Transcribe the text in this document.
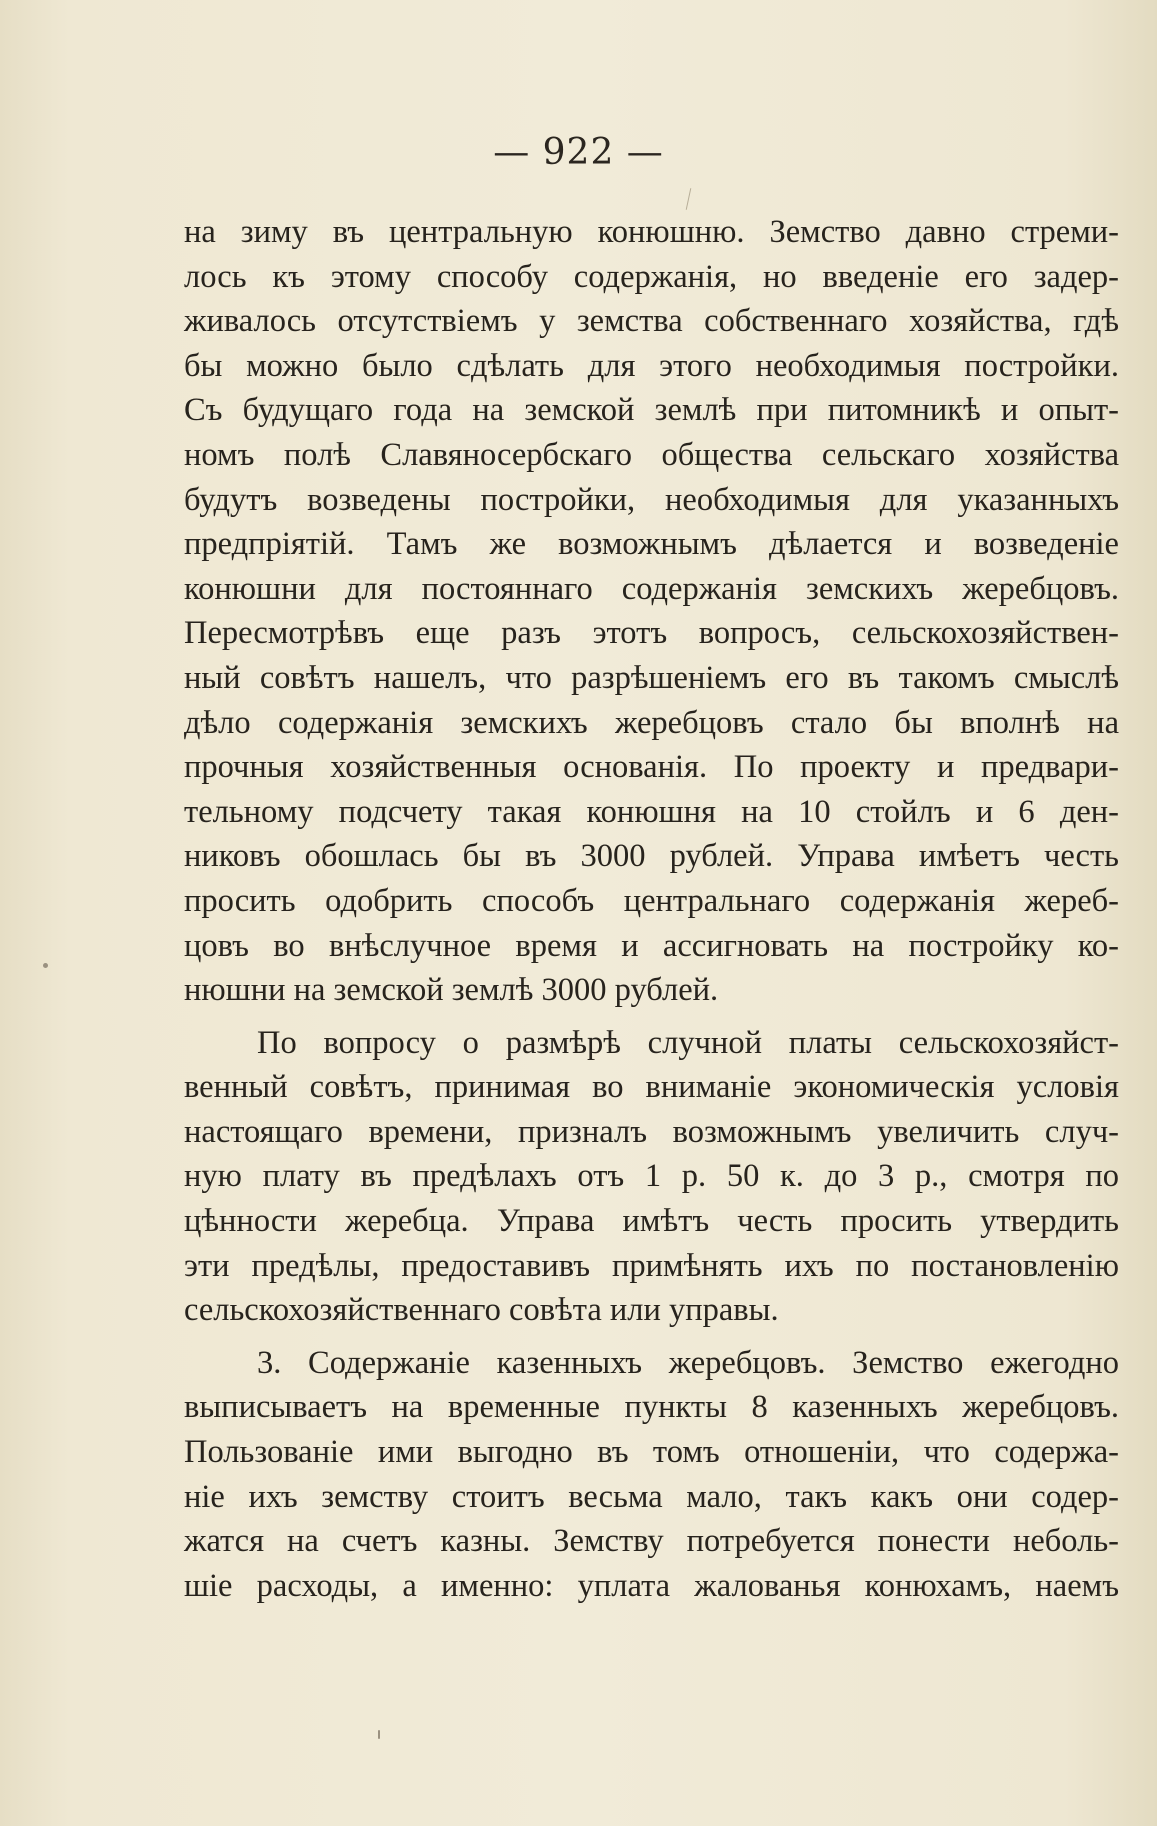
— 922 —
на зиму въ центральную конюшню. Земство давно стреми-
лось къ этому способу содержанія, но введеніе его задер-
живалось отсутствіемъ у земства собственнаго хозяйства, гдѣ
бы можно было сдѣлать для этого необходимыя постройки.
Съ будущаго года на земской землѣ при питомникѣ и опыт-
номъ полѣ Славяносербскаго общества сельскаго хозяйства
будутъ возведены постройки, необходимыя для указанныхъ
предпріятій. Тамъ же возможнымъ дѣлается и возведеніе
конюшни для постояннаго содержанія земскихъ жеребцовъ.
Пересмотрѣвъ еще разъ этотъ вопросъ, сельскохозяйствен-
ный совѣтъ нашелъ, что разрѣшеніемъ его въ такомъ смыслѣ
дѣло содержанія земскихъ жеребцовъ стало бы вполнѣ на
прочныя хозяйственныя основанія. По проекту и предвари-
тельному подсчету такая конюшня на 10 стойлъ и 6 ден-
никовъ обошлась бы въ 3000 рублей. Управа имѣетъ честь
просить одобрить способъ центральнаго содержанія жереб-
цовъ во внѣслучное время и ассигновать на постройку ко-
нюшни на земской землѣ 3000 рублей.
По вопросу о размѣрѣ случной платы сельскохозяйст-
венный совѣтъ, принимая во вниманіе экономическія условія
настоящаго времени, призналъ возможнымъ увеличить случ-
ную плату въ предѣлахъ отъ 1 р. 50 к. до 3 р., смотря по
цѣнности жеребца. Управа имѣтъ честь просить утвердить
эти предѣлы, предоставивъ примѣнять ихъ по постановленію
сельскохозяйственнаго совѣта или управы.
3. Содержаніе казенныхъ жеребцовъ. Земство ежегодно
выписываетъ на временные пункты 8 казенныхъ жеребцовъ.
Пользованіе ими выгодно въ томъ отношеніи, что содержа-
ніе ихъ земству стоитъ весьма мало, такъ какъ они содер-
жатся на счетъ казны. Земству потребуется понести неболь-
шіе расходы, а именно: уплата жалованья конюхамъ, наемъ
